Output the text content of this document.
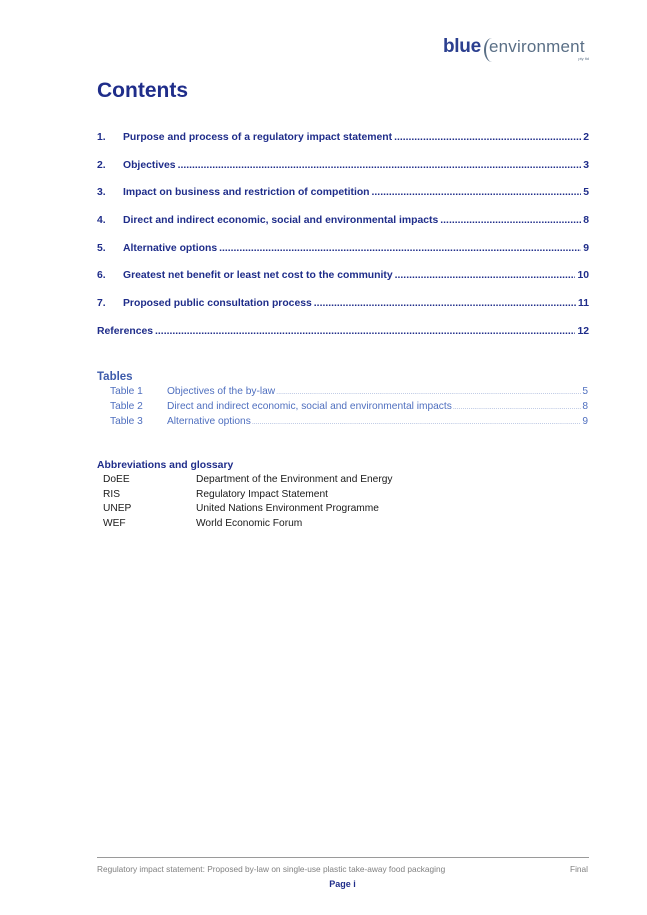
blue environment
pty ltd
Contents
1.	Purpose and process of a regulatory impact statement .....	2
2.	Objectives .....	3
3.	Impact on business and restriction of competition .....	5
4.	Direct and indirect economic, social and environmental impacts .....	8
5.	Alternative options .....	9
6.	Greatest net benefit or least net cost to the community .....	10
7.	Proposed public consultation process .....	11
References .....	12
Tables
Table 1	Objectives of the by-law .....	5
Table 2	Direct and indirect economic, social and environmental impacts .....	8
Table 3	Alternative options .....	9
Abbreviations and glossary
DoEE	Department of the Environment and Energy
RIS	Regulatory Impact Statement
UNEP	United Nations Environment Programme
WEF	World Economic Forum
Regulatory impact statement: Proposed by-law on single-use plastic take-away food packaging	Final
Page i
